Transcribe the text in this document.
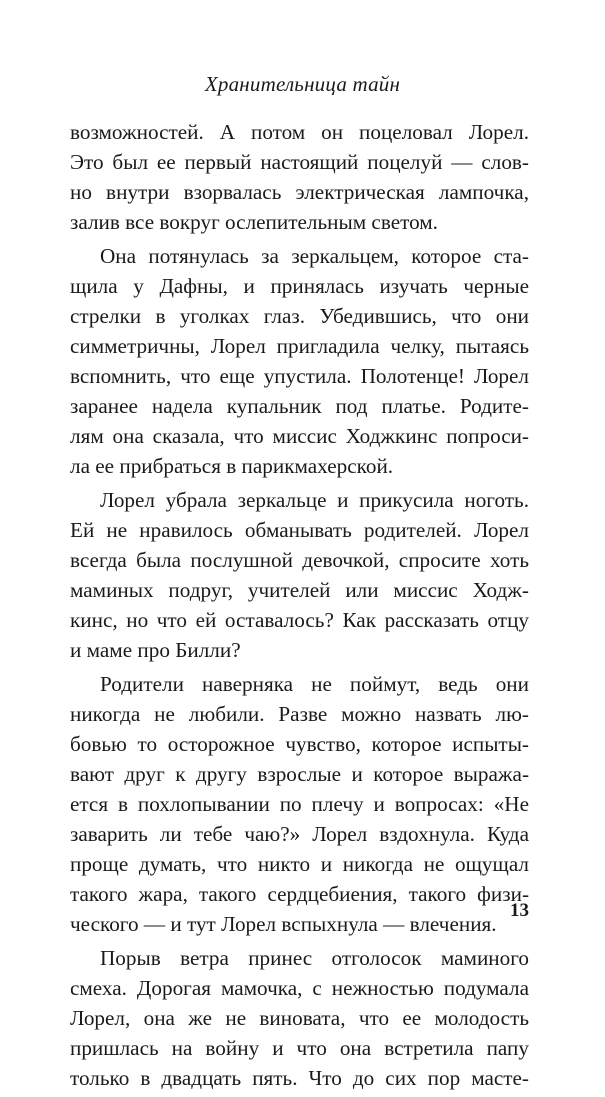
Хранительница тайн
возможностей. А потом он поцеловал Лорел.
Это был ее первый настоящий поцелуй — слов-
но внутри взорвалась электрическая лампочка,
залив все вокруг ослепительным светом.
Она потянулась за зеркальцем, которое ста-
щила у Дафны, и принялась изучать черные
стрелки в уголках глаз. Убедившись, что они
симметричны, Лорел пригладила челку, пытаясь
вспомнить, что еще упустила. Полотенце! Лорел
заранее надела купальник под платье. Родите-
лям она сказала, что миссис Ходжкинс попроси-
ла ее прибраться в парикмахерской.
Лорел убрала зеркальце и прикусила ноготь.
Ей не нравилось обманывать родителей. Лорел
всегда была послушной девочкой, спросите хоть
маминых подруг, учителей или миссис Ходж-
кинс, но что ей оставалось? Как рассказать отцу
и маме про Билли?
Родители наверняка не поймут, ведь они
никогда не любили. Разве можно назвать лю-
бовью то осторожное чувство, которое испыты-
вают друг к другу взрослые и которое выража-
ется в похлопывании по плечу и вопросах: «Не
заварить ли тебе чаю?» Лорел вздохнула. Куда
проще думать, что никто и никогда не ощущал
такого жара, такого сердцебиения, такого физи-
ческого — и тут Лорел вспыхнула — влечения.
Порыв ветра принес отголосок маминого
смеха. Дорогая мамочка, с нежностью подумала
Лорел, она же не виновата, что ее молодость
пришлась на войну и что она встретила папу
только в двадцать пять. Что до сих пор масте-
13
